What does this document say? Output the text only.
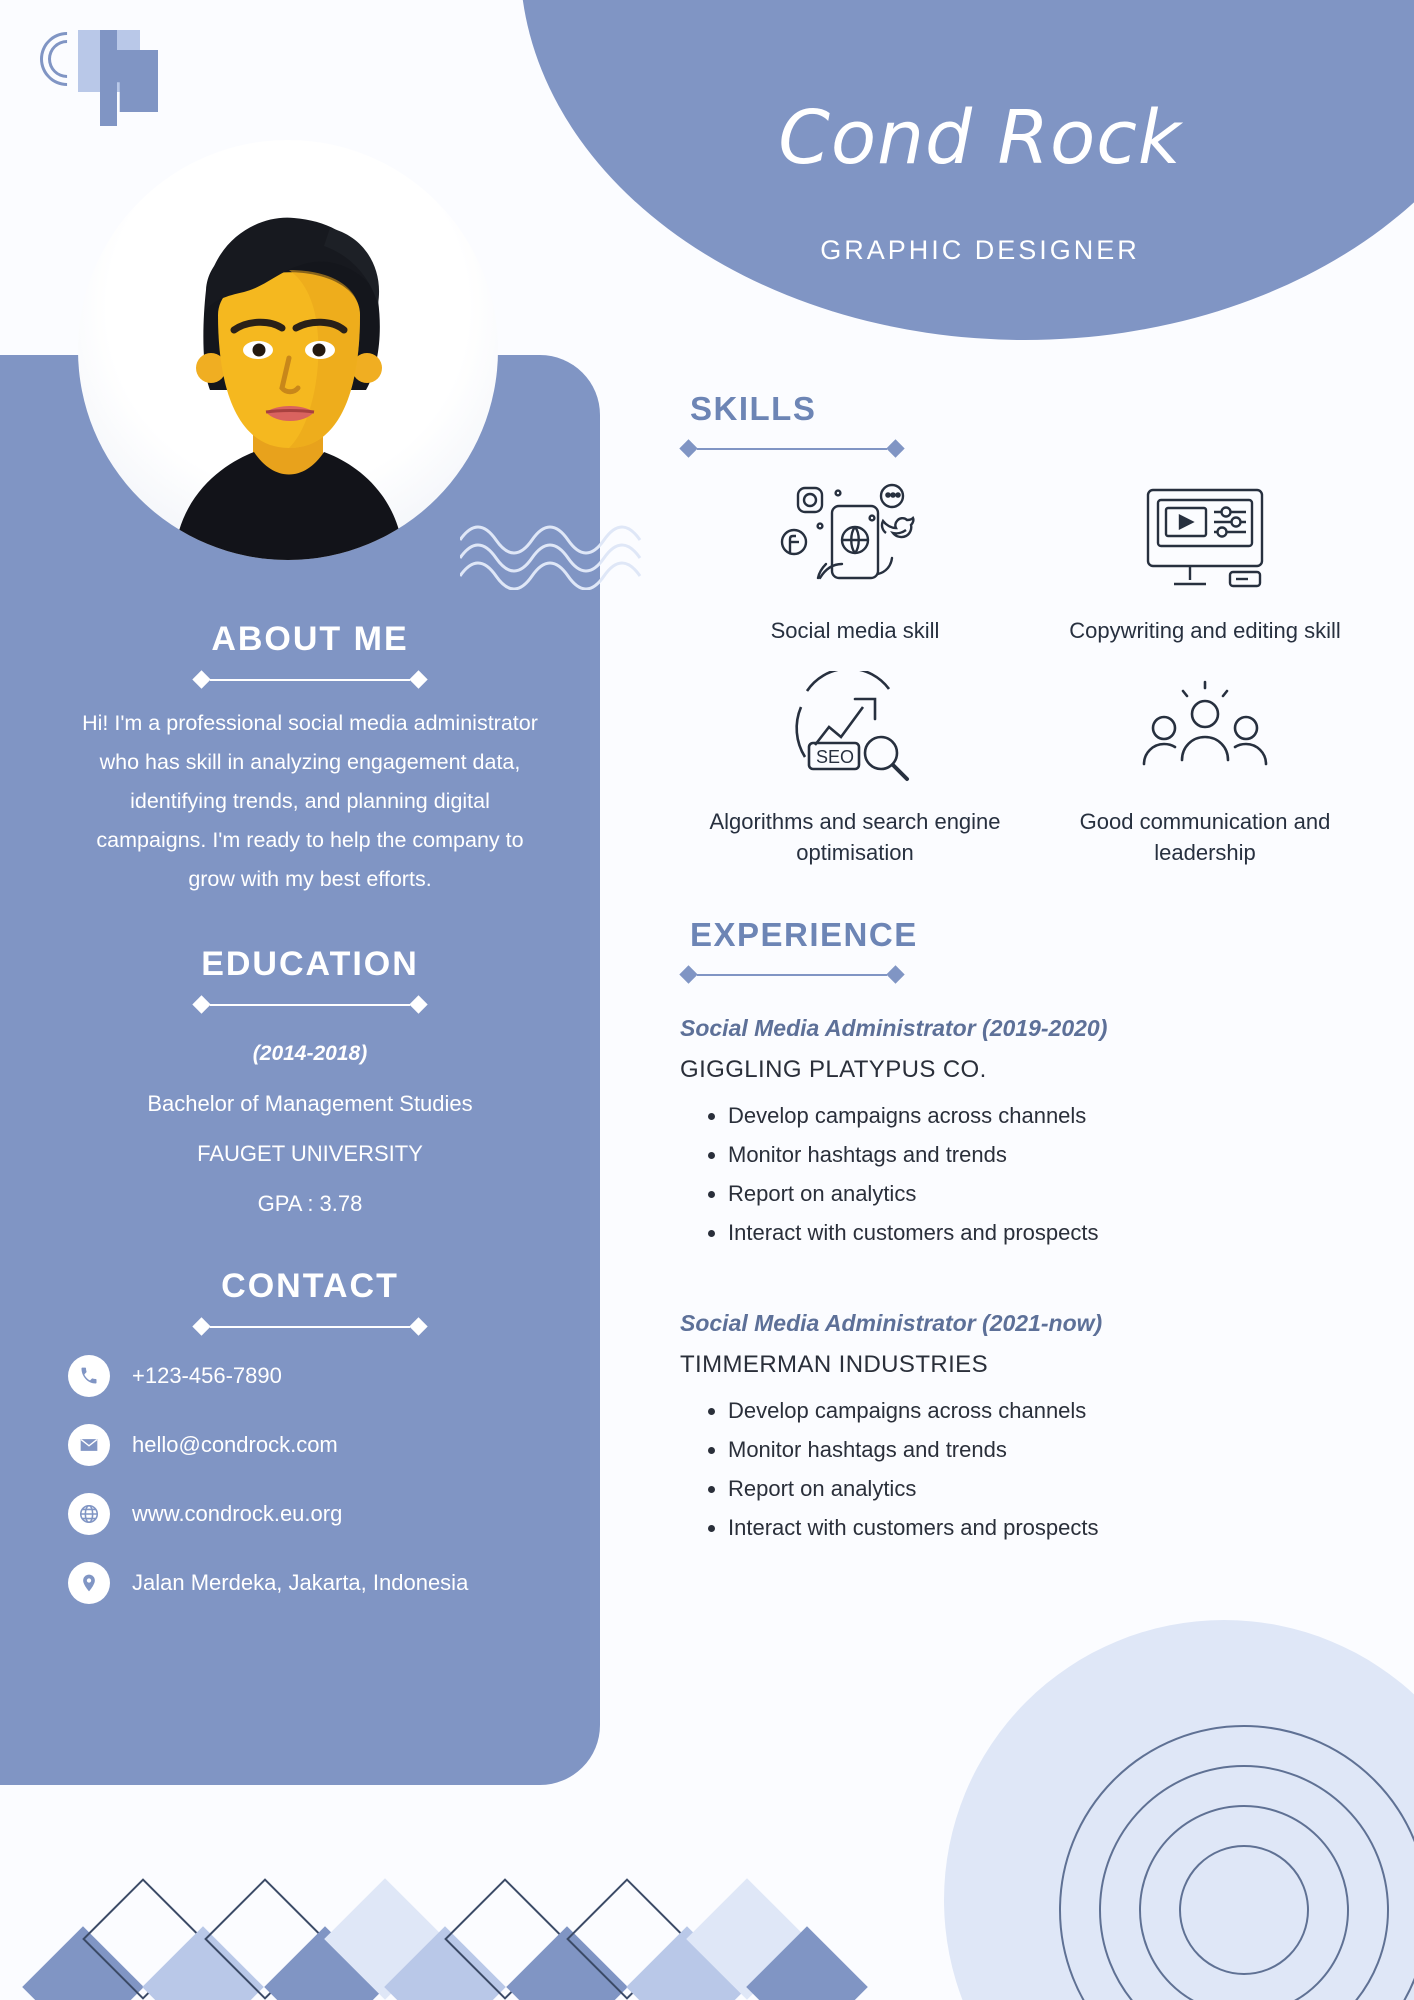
Cond Rock
GRAPHIC DESIGNER
ABOUT ME
Hi! I'm a professional social media administrator who has skill in analyzing engagement data, identifying trends, and planning digital campaigns. I'm ready to help the company to grow with my best efforts.
EDUCATION
(2014-2018)
Bachelor of Management Studies
FAUGET UNIVERSITY
GPA : 3.78
CONTACT
+123-456-7890
hello@condrock.com
www.condrock.eu.org
Jalan Merdeka, Jakarta, Indonesia
SKILLS
Social media skill	Copywriting and editing skill
SEO
Algorithms and search engine optimisation
Good communication and leadership
EXPERIENCE
Social Media Administrator (2019-2020)
GIGGLING PLATYPUS CO.
• Develop campaigns across channels
• Monitor hashtags and trends
• Report on analytics
• Interact with customers and prospects
Social Media Administrator (2021-now)
TIMMERMAN INDUSTRIES
• Develop campaigns across channels
• Monitor hashtags and trends
• Report on analytics
• Interact with customers and prospects
